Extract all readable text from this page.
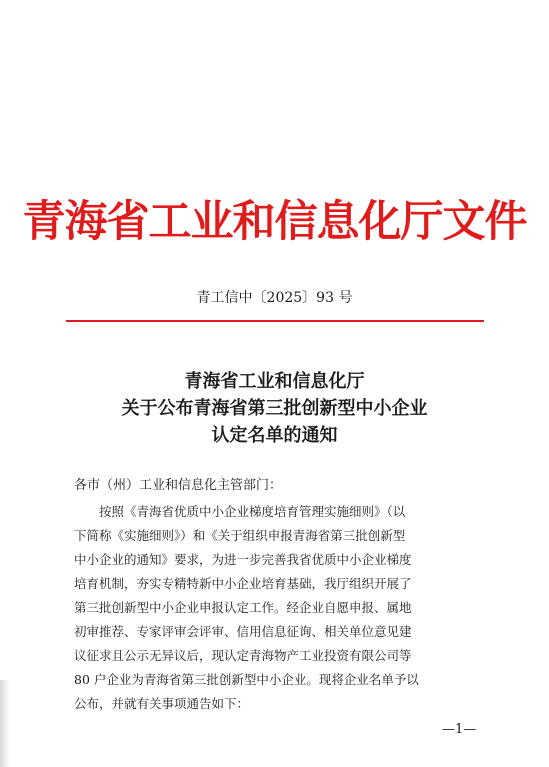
青海省工业和信息化厅文件
青工信中〔2025〕93 号
青海省工业和信息化厅
关于公布青海省第三批创新型中小企业
认定名单的通知
各市（州）工业和信息化主管部门：
按照《青海省优质中小企业梯度培育管理实施细则》（以
下简称《实施细则》）和《关于组织申报青海省第三批创新型
中小企业的通知》要求，为进一步完善我省优质中小企业梯度
培育机制，夯实专精特新中小企业培育基础，我厅组织开展了
第三批创新型中小企业申报认定工作。经企业自愿申报、属地
初审推荐、专家评审会评审、信用信息征询、相关单位意见建
议征求且公示无异议后，现认定青海物产工业投资有限公司等
80 户企业为青海省第三批创新型中小企业。现将企业名单予以
公布，并就有关事项通告如下：
—1—
